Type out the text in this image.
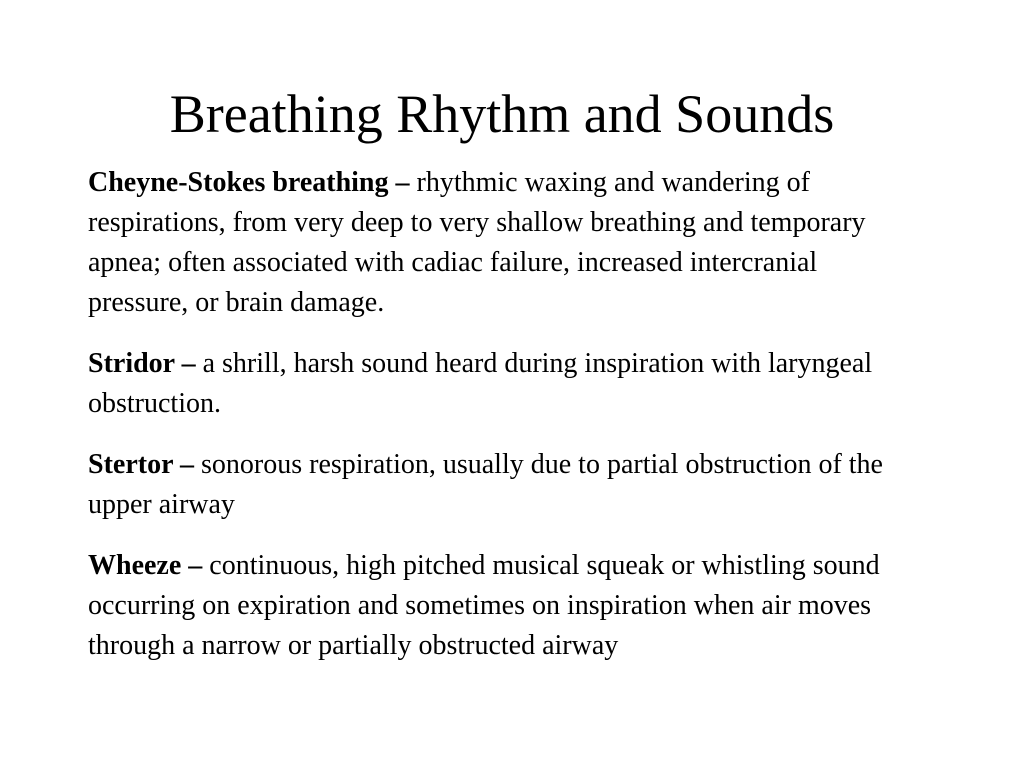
Breathing Rhythm and Sounds
Cheyne-Stokes breathing – rhythmic waxing and wandering of respirations, from very deep to very shallow breathing and temporary apnea; often associated with cadiac failure, increased intercranial pressure, or brain damage.
Stridor – a shrill, harsh sound heard during inspiration with laryngeal obstruction.
Stertor – sonorous respiration, usually due to partial obstruction of the upper airway
Wheeze – continuous, high pitched musical squeak or whistling sound occurring on expiration and sometimes on inspiration when air moves through a narrow or partially obstructed airway
